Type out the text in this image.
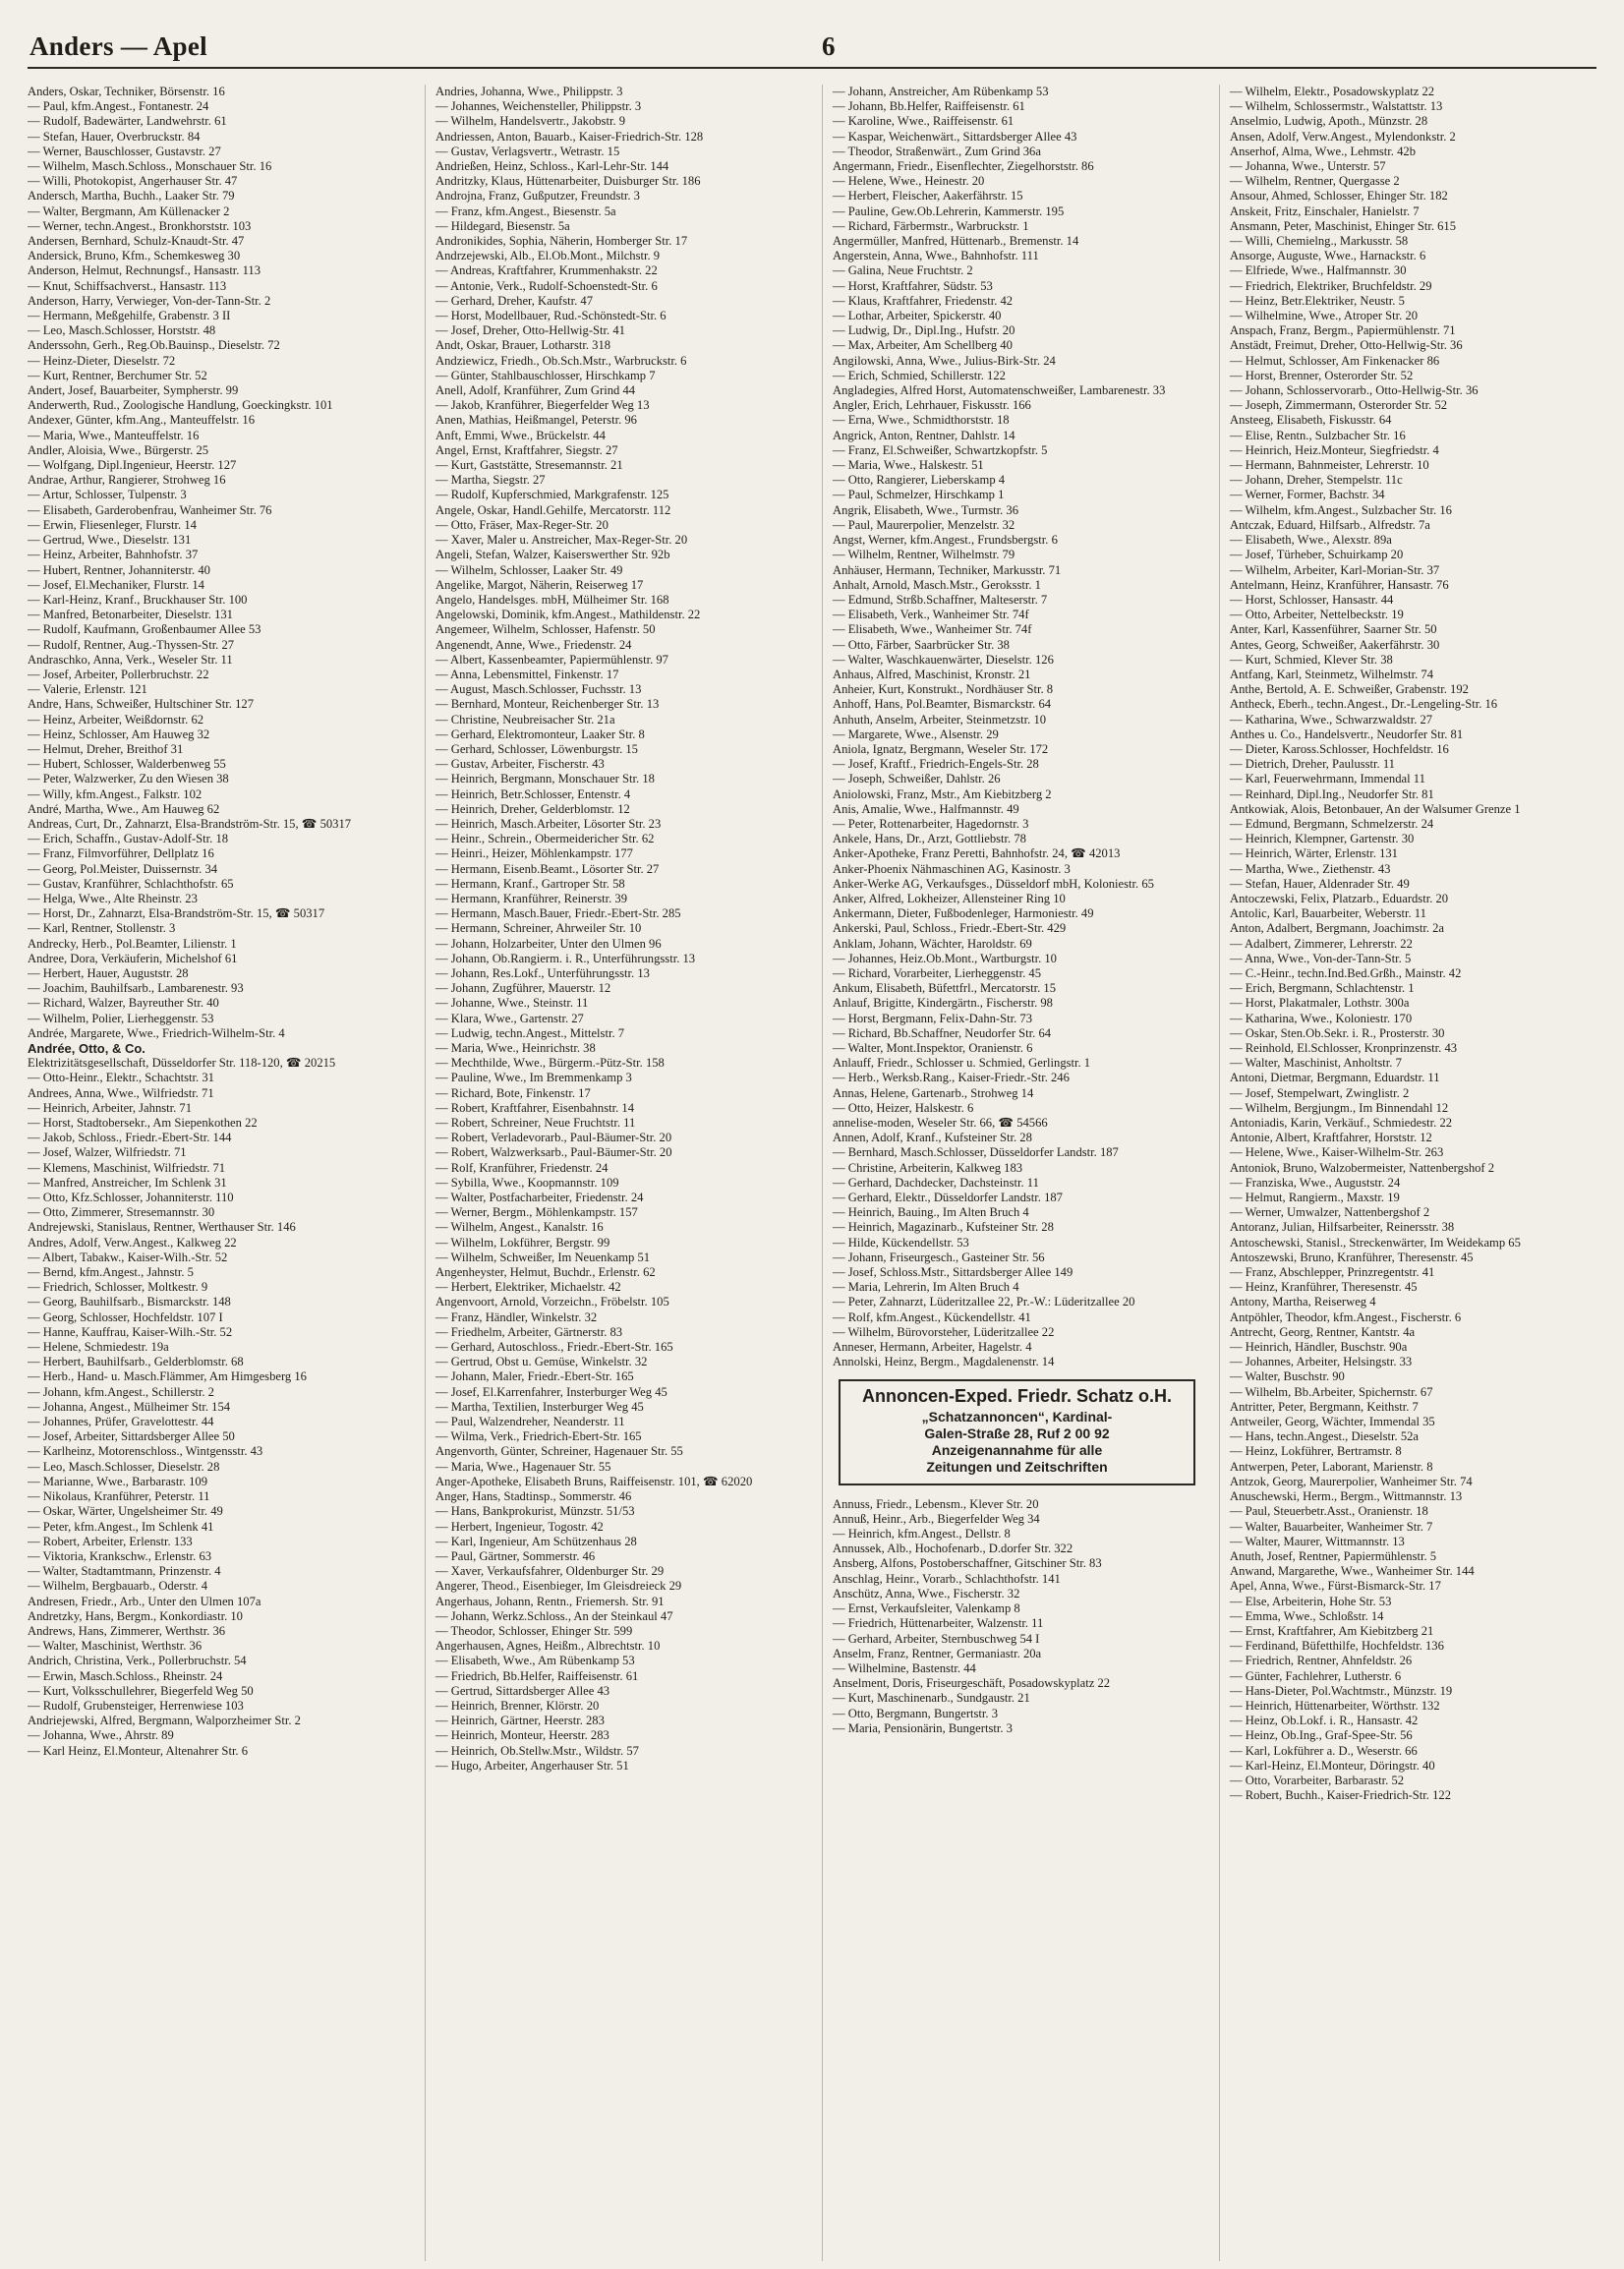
Anders — Apel	6

Anders, Oskar, Techniker, Börsenstr. 16

— Paul, kfm.Angest., Fontanestr. 24

— Rudolf, Badewärter, Landwehrstr. 61

— Stefan, Hauer, Overbruckstr. 84

— Werner, Bauschlosser, Gustavstr. 27

— Wilhelm, Masch.Schloss., Monschauer Str. 16

— Willi, Photokopist, Angerhauser Str. 47

Andersch, Martha, Buchh., Laaker Str. 79

— Walter, Bergmann, Am Küllenacker 2

— Werner, techn.Angest., Bronkhorststr. 103

Andersen, Bernhard, Schulz-Knaudt-Str. 47

Andersick, Bruno, Kfm., Schemkesweg 30

Anderson, Helmut, Rechnungsf., Hansastr. 113

— Knut, Schiffsachverst., Hansastr. 113

Anderson, Harry, Verwieger, Von-der-Tann-Str. 2

— Hermann, Meßgehilfe, Grabenstr. 3 II

— Leo, Masch.Schlosser, Horststr. 48

Anderssohn, Gerh., Reg.Ob.Bauinsp., Dieselstr. 72

— Heinz-Dieter, Dieselstr. 72

— Kurt, Rentner, Berchumer Str. 52

Andert, Josef, Bauarbeiter, Sympherstr. 99

Anderwerth, Rud., Zoologische Handlung, Goeckingkstr. 101

Andexer, Günter, kfm.Ang., Manteuffelstr. 16

— Maria, Wwe., Manteuffelstr. 16

Andler, Aloisia, Wwe., Bürgerstr. 25

— Wolfgang, Dipl.Ingenieur, Heerstr. 127

Andrae, Arthur, Rangierer, Strohweg 16

— Artur, Schlosser, Tulpenstr. 3

— Elisabeth, Garderobenfrau, Wanheimer Str. 76

— Erwin, Fliesenleger, Flurstr. 14

— Gertrud, Wwe., Dieselstr. 131

— Heinz, Arbeiter, Bahnhofstr. 37

— Hubert, Rentner, Johanniterstr. 40

— Josef, El.Mechaniker, Flurstr. 14

— Karl-Heinz, Kranf., Bruckhauser Str. 100

— Manfred, Betonarbeiter, Dieselstr. 131

— Rudolf, Kaufmann, Großenbaumer Allee 53

— Rudolf, Rentner, Aug.-Thyssen-Str. 27

Andraschko, Anna, Verk., Weseler Str. 11

— Josef, Arbeiter, Pollerbruchstr. 22

— Valerie, Erlenstr. 121

Andre, Hans, Schweißer, Hultschiner Str. 127

— Heinz, Arbeiter, Weißdornstr. 62

— Heinz, Schlosser, Am Hauweg 32

— Helmut, Dreher, Breithof 31

— Hubert, Schlosser, Walderbenweg 55

— Peter, Walzwerker, Zu den Wiesen 38

— Willy, kfm.Angest., Falkstr. 102

André, Martha, Wwe., Am Hauweg 62

Andreas, Curt, Dr., Zahnarzt, Elsa-Brandström-Str. 15, ☎ 50317

— Erich, Schaffn., Gustav-Adolf-Str. 18

— Franz, Filmvorführer, Dellplatz 16

— Georg, Pol.Meister, Duissernstr. 34

— Gustav, Kranführer, Schlachthofstr. 65

— Helga, Wwe., Alte Rheinstr. 23

— Horst, Dr., Zahnarzt, Elsa-Brandström-Str. 15, ☎ 50317

— Karl, Rentner, Stollenstr. 3

Andrecky, Herb., Pol.Beamter, Lilienstr. 1

Andree, Dora, Verkäuferin, Michelshof 61

— Herbert, Hauer, Auguststr. 28

— Joachim, Bauhilfsarb., Lambarenestr. 93

— Richard, Walzer, Bayreuther Str. 40

— Wilhelm, Polier, Lierheggenstr. 53

Andrée, Margarete, Wwe., Friedrich-Wilhelm-Str. 4

Andrée, Otto, & Co.

Elektrizitätsgesellschaft, Düsseldorfer Str. 118-120, ☎ 20215

— Otto-Heinr., Elektr., Schachtstr. 31

Andrees, Anna, Wwe., Wilfriedstr. 71

— Heinrich, Arbeiter, Jahnstr. 71

— Horst, Stadtobersekr., Am Siepenkothen 22

— Jakob, Schloss., Friedr.-Ebert-Str. 144

— Josef, Walzer, Wilfriedstr. 71

— Klemens, Maschinist, Wilfriedstr. 71

— Manfred, Anstreicher, Im Schlenk 31

— Otto, Kfz.Schlosser, Johanniterstr. 110

— Otto, Zimmerer, Stresemannstr. 30

Andrejewski, Stanislaus, Rentner, Werthauser Str. 146

Andres, Adolf, Verw.Angest., Kalkweg 22

— Albert, Tabakw., Kaiser-Wilh.-Str. 52

— Bernd, kfm.Angest., Jahnstr. 5

— Friedrich, Schlosser, Moltkestr. 9

— Georg, Bauhilfsarb., Bismarckstr. 148

— Georg, Schlosser, Hochfeldstr. 107 I

— Hanne, Kauffrau, Kaiser-Wilh.-Str. 52

— Helene, Schmiedestr. 19a

— Herbert, Bauhilfsarb., Gelderblomstr. 68

— Herb., Hand- u. Masch.Flämmer, Am Himgesberg 16

— Johann, kfm.Angest., Schillerstr. 2

— Johanna, Angest., Mülheimer Str. 154

— Johannes, Prüfer, Gravelottestr. 44

— Josef, Arbeiter, Sittardsberger Allee 50

— Karlheinz, Motorenschloss., Wintgensstr. 43

— Leo, Masch.Schlosser, Dieselstr. 28

— Marianne, Wwe., Barbarastr. 109

— Nikolaus, Kranführer, Peterstr. 11

— Oskar, Wärter, Ungelsheimer Str. 49

— Peter, kfm.Angest., Im Schlenk 41

— Robert, Arbeiter, Erlenstr. 133

— Viktoria, Krankschw., Erlenstr. 63

— Walter, Stadtamtmann, Prinzenstr. 4

— Wilhelm, Bergbauarb., Oderstr. 4

Andresen, Friedr., Arb., Unter den Ulmen 107a

Andretzky, Hans, Bergm., Konkordiastr. 10

Andrews, Hans, Zimmerer, Werthstr. 36

— Walter, Maschinist, Werthstr. 36

Andrich, Christina, Verk., Pollerbruchstr. 54

— Erwin, Masch.Schloss., Rheinstr. 24

— Kurt, Volksschullehrer, Biegerfeld Weg 50

— Rudolf, Grubensteiger, Herrenwiese 103

Andriejewski, Alfred, Bergmann, Walporzheimer Str. 2

— Johanna, Wwe., Ahrstr. 89

— Karl Heinz, El.Monteur, Altenahrer Str. 6

Andries, Johanna, Wwe., Philippstr. 3

— Johannes, Weichensteller, Philippstr. 3

— Wilhelm, Handelsvertr., Jakobstr. 9

Andriessen, Anton, Bauarb., Kaiser-Friedrich-Str. 128

— Gustav, Verlagsvertr., Wetrastr. 15

Andrießen, Heinz, Schloss., Karl-Lehr-Str. 144

Andritzky, Klaus, Hüttenarbeiter, Duisburger Str. 186

Androjna, Franz, Gußputzer, Freundstr. 3

— Franz, kfm.Angest., Biesenstr. 5a

— Hildegard, Biesenstr. 5a

Andronikides, Sophia, Näherin, Homberger Str. 17

Andrzejewski, Alb., El.Ob.Mont., Milchstr. 9

— Andreas, Kraftfahrer, Krummenhakstr. 22

— Antonie, Verk., Rudolf-Schoenstedt-Str. 6

— Gerhard, Dreher, Kaufstr. 47

— Horst, Modellbauer, Rud.-Schönstedt-Str. 6

— Josef, Dreher, Otto-Hellwig-Str. 41

Andt, Oskar, Brauer, Lotharstr. 318

Andziewicz, Friedh., Ob.Sch.Mstr., Warbruckstr. 6

— Günter, Stahlbauschlosser, Hirschkamp 7

Anell, Adolf, Kranführer, Zum Grind 44

— Jakob, Kranführer, Biegerfelder Weg 13

Anen, Mathias, Heißmangel, Peterstr. 96

Anft, Emmi, Wwe., Brückelstr. 44

Angel, Ernst, Kraftfahrer, Siegstr. 27

— Kurt, Gaststätte, Stresemannstr. 21

— Martha, Siegstr. 27

— Rudolf, Kupferschmied, Markgrafenstr. 125

Angele, Oskar, Handl.Gehilfe, Mercatorstr. 112

— Otto, Fräser, Max-Reger-Str. 20

— Xaver, Maler u. Anstreicher, Max-Reger-Str. 20

Angeli, Stefan, Walzer, Kaiserswerther Str. 92b

— Wilhelm, Schlosser, Laaker Str. 49

Angelike, Margot, Näherin, Reiserweg 17

Angelo, Handelsges. mbH, Mülheimer Str. 168

Angelowski, Dominik, kfm.Angest., Mathildenstr. 22

Angemeer, Wilhelm, Schlosser, Hafenstr. 50

Angenendt, Anne, Wwe., Friedenstr. 24

— Albert, Kassenbeamter, Papiermühlenstr. 97

— Anna, Lebensmittel, Finkenstr. 17

— August, Masch.Schlosser, Fuchsstr. 13

— Bernhard, Monteur, Reichenberger Str. 13

— Christine, Neubreisacher Str. 21a

— Gerhard, Elektromonteur, Laaker Str. 8

— Gerhard, Schlosser, Löwenburgstr. 15

— Gustav, Arbeiter, Fischerstr. 43

— Heinrich, Bergmann, Monschauer Str. 18

— Heinrich, Betr.Schlosser, Entenstr. 4

— Heinrich, Dreher, Gelderblomstr. 12

— Heinrich, Masch.Arbeiter, Lösorter Str. 23

— Heinr., Schrein., Obermeidericher Str. 62

— Heinri., Heizer, Möhlenkampstr. 177

— Hermann, Eisenb.Beamt., Lösorter Str. 27

— Hermann, Kranf., Gartroper Str. 58

— Hermann, Kranführer, Reinerstr. 39

— Hermann, Masch.Bauer, Friedr.-Ebert-Str. 285

— Hermann, Schreiner, Ahrweiler Str. 10

— Johann, Holzarbeiter, Unter den Ulmen 96

— Johann, Ob.Rangierm. i. R., Unterführungsstr. 13

— Johann, Res.Lokf., Unterführungsstr. 13

— Johann, Zugführer, Mauerstr. 12

— Johanne, Wwe., Steinstr. 11

— Klara, Wwe., Gartenstr. 27

— Ludwig, techn.Angest., Mittelstr. 7

— Maria, Wwe., Heinrichstr. 38

— Mechthilde, Wwe., Bürgerm.-Pütz-Str. 158

— Pauline, Wwe., Im Bremmenkamp 3

— Richard, Bote, Finkenstr. 17

— Robert, Kraftfahrer, Eisenbahnstr. 14

— Robert, Schreiner, Neue Fruchtstr. 11

— Robert, Verladevorarb., Paul-Bäumer-Str. 20

— Robert, Walzwerksarb., Paul-Bäumer-Str. 20

— Rolf, Kranführer, Friedenstr. 24

— Sybilla, Wwe., Koopmannstr. 109

— Walter, Postfacharbeiter, Friedenstr. 24

— Werner, Bergm., Möhlenkampstr. 157

— Wilhelm, Angest., Kanalstr. 16

— Wilhelm, Lokführer, Bergstr. 99

— Wilhelm, Schweißer, Im Neuenkamp 51

Angenheyster, Helmut, Buchdr., Erlenstr. 62

— Herbert, Elektriker, Michaelstr. 42

Angenvoort, Arnold, Vorzeichn., Fröbelstr. 105

— Franz, Händler, Winkelstr. 32

— Friedhelm, Arbeiter, Gärtnerstr. 83

— Gerhard, Autoschloss., Friedr.-Ebert-Str. 165

— Gertrud, Obst u. Gemüse, Winkelstr. 32

— Johann, Maler, Friedr.-Ebert-Str. 165

— Josef, El.Karrenfahrer, Insterburger Weg 45

— Martha, Textilien, Insterburger Weg 45

— Paul, Walzendreher, Neanderstr. 11

— Wilma, Verk., Friedrich-Ebert-Str. 165

Angenvorth, Günter, Schreiner, Hagenauer Str. 55

— Maria, Wwe., Hagenauer Str. 55

Anger-Apotheke, Elisabeth Bruns, Raiffeisenstr. 101, ☎ 62020

Anger, Hans, Stadtinsp., Sommerstr. 46

— Hans, Bankprokurist, Münzstr. 51/53

— Herbert, Ingenieur, Togostr. 42

— Karl, Ingenieur, Am Schützenhaus 28

— Paul, Gärtner, Sommerstr. 46

— Xaver, Verkaufsfahrer, Oldenburger Str. 29

Angerer, Theod., Eisenbieger, Im Gleisdreieck 29

Angerhaus, Johann, Rentn., Friemersh. Str. 91

— Johann, Werkz.Schloss., An der Steinkaul 47

— Theodor, Schlosser, Ehinger Str. 599

Angerhausen, Agnes, Heißm., Albrechtstr. 10

— Elisabeth, Wwe., Am Rübenkamp 53

— Friedrich, Bb.Helfer, Raiffeisenstr. 61

— Gertrud, Sittardsberger Allee 43

— Heinrich, Brenner, Klörstr. 20

— Heinrich, Gärtner, Heerstr. 283

— Heinrich, Monteur, Heerstr. 283

— Heinrich, Ob.Stellw.Mstr., Wildstr. 57

— Hugo, Arbeiter, Angerhauser Str. 51

— Johann, Anstreicher, Am Rübenkamp 53

— Johann, Bb.Helfer, Raiffeisenstr. 61

— Karoline, Wwe., Raiffeisenstr. 61

— Kaspar, Weichenwärt., Sittardsberger Allee 43

— Theodor, Straßenwärt., Zum Grind 36a

Angermann, Friedr., Eisenflechter, Ziegelhorststr. 86

— Helene, Wwe., Heinestr. 20

— Herbert, Fleischer, Aakerfährstr. 15

— Pauline, Gew.Ob.Lehrerin, Kammerstr. 195

— Richard, Färbermstr., Warbruckstr. 1

Angermüller, Manfred, Hüttenarb., Bremenstr. 14

Angerstein, Anna, Wwe., Bahnhofstr. 111

— Galina, Neue Fruchtstr. 2

— Horst, Kraftfahrer, Südstr. 53

— Klaus, Kraftfahrer, Friedenstr. 42

— Lothar, Arbeiter, Spickerstr. 40

— Ludwig, Dr., Dipl.Ing., Hufstr. 20

— Max, Arbeiter, Am Schellberg 40

Angilowski, Anna, Wwe., Julius-Birk-Str. 24

— Erich, Schmied, Schillerstr. 122

Angladegies, Alfred Horst, Automatenschweißer, Lambarenestr. 33

Angler, Erich, Lehrhauer, Fiskusstr. 166

— Erna, Wwe., Schmidthorststr. 18

Angrick, Anton, Rentner, Dahlstr. 14

— Franz, El.Schweißer, Schwartzkopfstr. 5

— Maria, Wwe., Halskestr. 51

— Otto, Rangierer, Lieberskamp 4

— Paul, Schmelzer, Hirschkamp 1

Angrik, Elisabeth, Wwe., Turmstr. 36

— Paul, Maurerpolier, Menzelstr. 32

Angst, Werner, kfm.Angest., Frundsbergstr. 6

— Wilhelm, Rentner, Wilhelmstr. 79

Anhäuser, Hermann, Techniker, Markusstr. 71

Anhalt, Arnold, Masch.Mstr., Geroksstr. 1

— Edmund, Strßb.Schaffner, Malteserstr. 7

— Elisabeth, Verk., Wanheimer Str. 74f

— Elisabeth, Wwe., Wanheimer Str. 74f

— Otto, Färber, Saarbrücker Str. 38

— Walter, Waschkauenwärter, Dieselstr. 126

Anhaus, Alfred, Maschinist, Kronstr. 21

Anheier, Kurt, Konstrukt., Nordhäuser Str. 8

Anhoff, Hans, Pol.Beamter, Bismarckstr. 64

Anhuth, Anselm, Arbeiter, Steinmetzstr. 10

— Margarete, Wwe., Alsenstr. 29

Aniola, Ignatz, Bergmann, Weseler Str. 172

— Josef, Kraftf., Friedrich-Engels-Str. 28

— Joseph, Schweißer, Dahlstr. 26

Aniolowski, Franz, Mstr., Am Kiebitzberg 2

Anis, Amalie, Wwe., Halfmannstr. 49

— Peter, Rottenarbeiter, Hagedornstr. 3

Ankele, Hans, Dr., Arzt, Gottliebstr. 78

Anker-Apotheke, Franz Peretti, Bahnhofstr. 24, ☎ 42013

Anker-Phoenix Nähmaschinen AG, Kasinostr. 3

Anker-Werke AG, Verkaufsges., Düsseldorf mbH, Koloniestr. 65

Anker, Alfred, Lokheizer, Allensteiner Ring 10

Ankermann, Dieter, Fußbodenleger, Harmoniestr. 49

Ankerski, Paul, Schloss., Friedr.-Ebert-Str. 429

Anklam, Johann, Wächter, Haroldstr. 69

— Johannes, Heiz.Ob.Mont., Wartburgstr. 10

— Richard, Vorarbeiter, Lierheggenstr. 45

Ankum, Elisabeth, Büfettfrl., Mercatorstr. 15

Anlauf, Brigitte, Kindergärtn., Fischerstr. 98

— Horst, Bergmann, Felix-Dahn-Str. 73

— Richard, Bb.Schaffner, Neudorfer Str. 64

— Walter, Mont.Inspektor, Oranienstr. 6

Anlauff, Friedr., Schlosser u. Schmied, Gerlingstr. 1

— Herb., Werksb.Rang., Kaiser-Friedr.-Str. 246

Annas, Helene, Gartenarb., Strohweg 14

— Otto, Heizer, Halskestr. 6

annelise-moden, Weseler Str. 66, ☎ 54566

Annen, Adolf, Kranf., Kufsteiner Str. 28

— Bernhard, Masch.Schlosser, Düsseldorfer Landstr. 187

— Christine, Arbeiterin, Kalkweg 183

— Gerhard, Dachdecker, Dachsteinstr. 11

— Gerhard, Elektr., Düsseldorfer Landstr. 187

— Heinrich, Bauing., Im Alten Bruch 4

— Heinrich, Magazinarb., Kufsteiner Str. 28

— Hilde, Kückendellstr. 53

— Johann, Friseurgesch., Gasteiner Str. 56

— Josef, Schloss.Mstr., Sittardsberger Allee 149

— Maria, Lehrerin, Im Alten Bruch 4

— Peter, Zahnarzt, Lüderitzallee 22, Pr.-W.: Lüderitzallee 20

— Rolf, kfm.Angest., Kückendellstr. 41

— Wilhelm, Bürovorsteher, Lüderitzallee 22

Anneser, Hermann, Arbeiter, Hagelstr. 4

Annolski, Heinz, Bergm., Magdalenenstr. 14

Annoncen-Exped. Friedr. Schatz o.H.
„Schatzannoncen“, Kardinal-
Galen-Straße 28, Ruf 2 00 92
Anzeigenannahme für alle
Zeitungen und Zeitschriften

Annuss, Friedr., Lebensm., Klever Str. 20

Annuß, Heinr., Arb., Biegerfelder Weg 34

— Heinrich, kfm.Angest., Dellstr. 8

Annussek, Alb., Hochofenarb., D.dorfer Str. 322

Ansberg, Alfons, Postoberschaffner, Gitschiner Str. 83

Anschlag, Heinr., Vorarb., Schlachthofstr. 141

Anschütz, Anna, Wwe., Fischerstr. 32

— Ernst, Verkaufsleiter, Valenkamp 8

— Friedrich, Hüttenarbeiter, Walzenstr. 11

— Gerhard, Arbeiter, Sternbuschweg 54 I

Anselm, Franz, Rentner, Germaniastr. 20a

— Wilhelmine, Bastenstr. 44

Anselment, Doris, Friseurgeschäft, Posadowskyplatz 22

— Kurt, Maschinenarb., Sundgaustr. 21

— Otto, Bergmann, Bungertstr. 3

— Maria, Pensionärin, Bungertstr. 3

— Wilhelm, Elektr., Posadowskyplatz 22

— Wilhelm, Schlossermstr., Walstattstr. 13

Anselmio, Ludwig, Apoth., Münzstr. 28

Ansen, Adolf, Verw.Angest., Mylendonkstr. 2

Anserhof, Alma, Wwe., Lehmstr. 42b

— Johanna, Wwe., Unterstr. 57

— Wilhelm, Rentner, Quergasse 2

Ansour, Ahmed, Schlosser, Ehinger Str. 182

Anskeit, Fritz, Einschaler, Hanielstr. 7

Ansmann, Peter, Maschinist, Ehinger Str. 615

— Willi, Chemielng., Markusstr. 58

Ansorge, Auguste, Wwe., Harnackstr. 6

— Elfriede, Wwe., Halfmannstr. 30

— Friedrich, Elektriker, Bruchfeldstr. 29

— Heinz, Betr.Elektriker, Neustr. 5

— Wilhelmine, Wwe., Atroper Str. 20

Anspach, Franz, Bergm., Papiermühlenstr. 71

Anstädt, Freimut, Dreher, Otto-Hellwig-Str. 36

— Helmut, Schlosser, Am Finkenacker 86

— Horst, Brenner, Osterorder Str. 52

— Johann, Schlosservorarb., Otto-Hellwig-Str. 36

— Joseph, Zimmermann, Osterorder Str. 52

Ansteeg, Elisabeth, Fiskusstr. 64

— Elise, Rentn., Sulzbacher Str. 16

— Heinrich, Heiz.Monteur, Siegfriedstr. 4

— Hermann, Bahnmeister, Lehrerstr. 10

— Johann, Dreher, Stempelstr. 11c

— Werner, Former, Bachstr. 34

— Wilhelm, kfm.Angest., Sulzbacher Str. 16

Antczak, Eduard, Hilfsarb., Alfredstr. 7a

— Elisabeth, Wwe., Alexstr. 89a

— Josef, Türheber, Schuirkamp 20

— Wilhelm, Arbeiter, Karl-Morian-Str. 37

Antelmann, Heinz, Kranführer, Hansastr. 76

— Horst, Schlosser, Hansastr. 44

— Otto, Arbeiter, Nettelbeckstr. 19

Anter, Karl, Kassenführer, Saarner Str. 50

Antes, Georg, Schweißer, Aakerfährstr. 30

— Kurt, Schmied, Klever Str. 38

Antfang, Karl, Steinmetz, Wilhelmstr. 74

Anthe, Bertold, A. E. Schweißer, Grabenstr. 192

Antheck, Eberh., techn.Angest., Dr.-Lengeling-Str. 16

— Katharina, Wwe., Schwarzwaldstr. 27

Anthes u. Co., Handelsvertr., Neudorfer Str. 81

— Dieter, Kaross.Schlosser, Hochfeldstr. 16

— Dietrich, Dreher, Paulusstr. 11

— Karl, Feuerwehrmann, Immendal 11

— Reinhard, Dipl.Ing., Neudorfer Str. 81

Antkowiak, Alois, Betonbauer, An der Walsumer Grenze 1

— Edmund, Bergmann, Schmelzerstr. 24

— Heinrich, Klempner, Gartenstr. 30

— Heinrich, Wärter, Erlenstr. 131

— Martha, Wwe., Ziethenstr. 43

— Stefan, Hauer, Aldenrader Str. 49

Antoczewski, Felix, Platzarb., Eduardstr. 20

Antolic, Karl, Bauarbeiter, Weberstr. 11

Anton, Adalbert, Bergmann, Joachimstr. 2a

— Adalbert, Zimmerer, Lehrerstr. 22

— Anna, Wwe., Von-der-Tann-Str. 5

— C.-Heinr., techn.Ind.Bed.Grßh., Mainstr. 42

— Erich, Bergmann, Schlachtenstr. 1

— Horst, Plakatmaler, Lothstr. 300a

— Katharina, Wwe., Koloniestr. 170

— Oskar, Sten.Ob.Sekr. i. R., Prosterstr. 30

— Reinhold, El.Schlosser, Kronprinzenstr. 43

— Walter, Maschinist, Anholtstr. 7

Antoni, Dietmar, Bergmann, Eduardstr. 11

— Josef, Stempelwart, Zwinglistr. 2

— Wilhelm, Bergjungm., Im Binnendahl 12

Antoniadis, Karin, Verkäuf., Schmiedestr. 22

Antonie, Albert, Kraftfahrer, Horststr. 12

— Helene, Wwe., Kaiser-Wilhelm-Str. 263

Antoniok, Bruno, Walzobermeister, Nattenbergshof 2

— Franziska, Wwe., Auguststr. 24

— Helmut, Rangierm., Maxstr. 19

— Werner, Umwalzer, Nattenbergshof 2

Antoranz, Julian, Hilfsarbeiter, Reinersstr. 38

Antoschewski, Stanisl., Streckenwärter, Im Weidekamp 65

Antoszewski, Bruno, Kranführer, Theresenstr. 45

— Franz, Abschlepper, Prinzregentstr. 41

— Heinz, Kranführer, Theresenstr. 45

Antony, Martha, Reiserweg 4

Antpöhler, Theodor, kfm.Angest., Fischerstr. 6

Antrecht, Georg, Rentner, Kantstr. 4a

— Heinrich, Händler, Buschstr. 90a

— Johannes, Arbeiter, Helsingstr. 33

— Walter, Buschstr. 90

— Wilhelm, Bb.Arbeiter, Spichernstr. 67

Antritter, Peter, Bergmann, Keithstr. 7

Antweiler, Georg, Wächter, Immendal 35

— Hans, techn.Angest., Dieselstr. 52a

— Heinz, Lokführer, Bertramstr. 8

Antwerpen, Peter, Laborant, Marienstr. 8

Antzok, Georg, Maurerpolier, Wanheimer Str. 74

Anuschewski, Herm., Bergm., Wittmannstr. 13

— Paul, Steuerbetr.Asst., Oranienstr. 18

— Walter, Bauarbeiter, Wanheimer Str. 7

— Walter, Maurer, Wittmannstr. 13

Anuth, Josef, Rentner, Papiermühlenstr. 5

Anwand, Margarethe, Wwe., Wanheimer Str. 144

Apel, Anna, Wwe., Fürst-Bismarck-Str. 17

— Else, Arbeiterin, Hohe Str. 53

— Emma, Wwe., Schloßstr. 14

— Ernst, Kraftfahrer, Am Kiebitzberg 21

— Ferdinand, Büfetthilfe, Hochfeldstr. 136

— Friedrich, Rentner, Ahnfeldstr. 26

— Günter, Fachlehrer, Lutherstr. 6

— Hans-Dieter, Pol.Wachtmstr., Münzstr. 19

— Heinrich, Hüttenarbeiter, Wörthstr. 132

— Heinz, Ob.Lokf. i. R., Hansastr. 42

— Heinz, Ob.Ing., Graf-Spee-Str. 56

— Karl, Lokführer a. D., Weserstr. 66

— Karl-Heinz, El.Monteur, Döringstr. 40

— Otto, Vorarbeiter, Barbarastr. 52

— Robert, Buchh., Kaiser-Friedrich-Str. 122
